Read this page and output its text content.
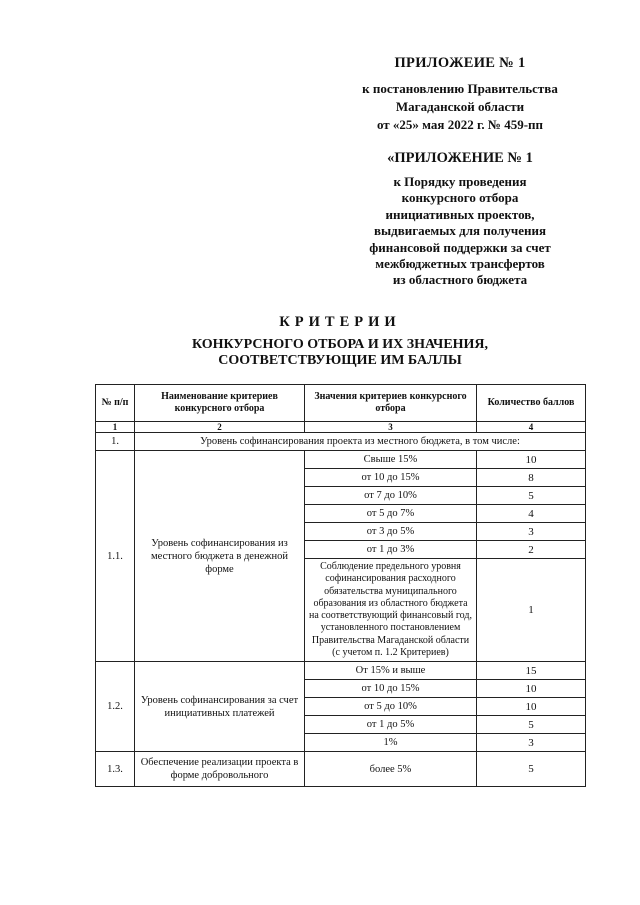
ПРИЛОЖЕИЕ № 1
к постановлению Правительства
Магаданской области
от «25» мая 2022 г. № 459-пп
«ПРИЛОЖЕНИЕ № 1
к Порядку проведения
конкурсного отбора
инициативных проектов,
выдвигаемых для получения
финансовой поддержки за счет
межбюджетных трансфертов
из областного бюджета
КРИТЕРИИ
КОНКУРСНОГО ОТБОРА И ИХ ЗНАЧЕНИЯ,
СООТВЕТСТВУЮЩИЕ ИМ БАЛЛЫ
№ п/п	Наименование критериев конкурсного отбора	Значения критериев конкурсного отбора	Количество баллов
1	2	3	4
1.	Уровень софинансирования проекта из местного бюджета, в том числе:		
1.1.	Уровень софинансирования из местного бюджета в денежной форме	Свыше 15%	10
		от 10 до 15%	8
		от 7 до 10%	5
		от 5 до 7%	4
		от 3 до 5%	3
		от 1 до 3%	2
		Соблюдение предельного уровня софинансирования расходного обязательства муниципального образования из областного бюджета на соответствующий финансовый год, установленного постановлением Правительства Магаданской области (с учетом п. 1.2 Критериев)	1
1.2.	Уровень софинансирования за счет инициативных платежей	От 15% и выше	15
		от 10 до 15%	10
		от 5 до 10%	10
		от 1 до 5%	5
		1%	3
1.3.	Обеспечение реализации проекта в форме добровольного	более 5%	5
